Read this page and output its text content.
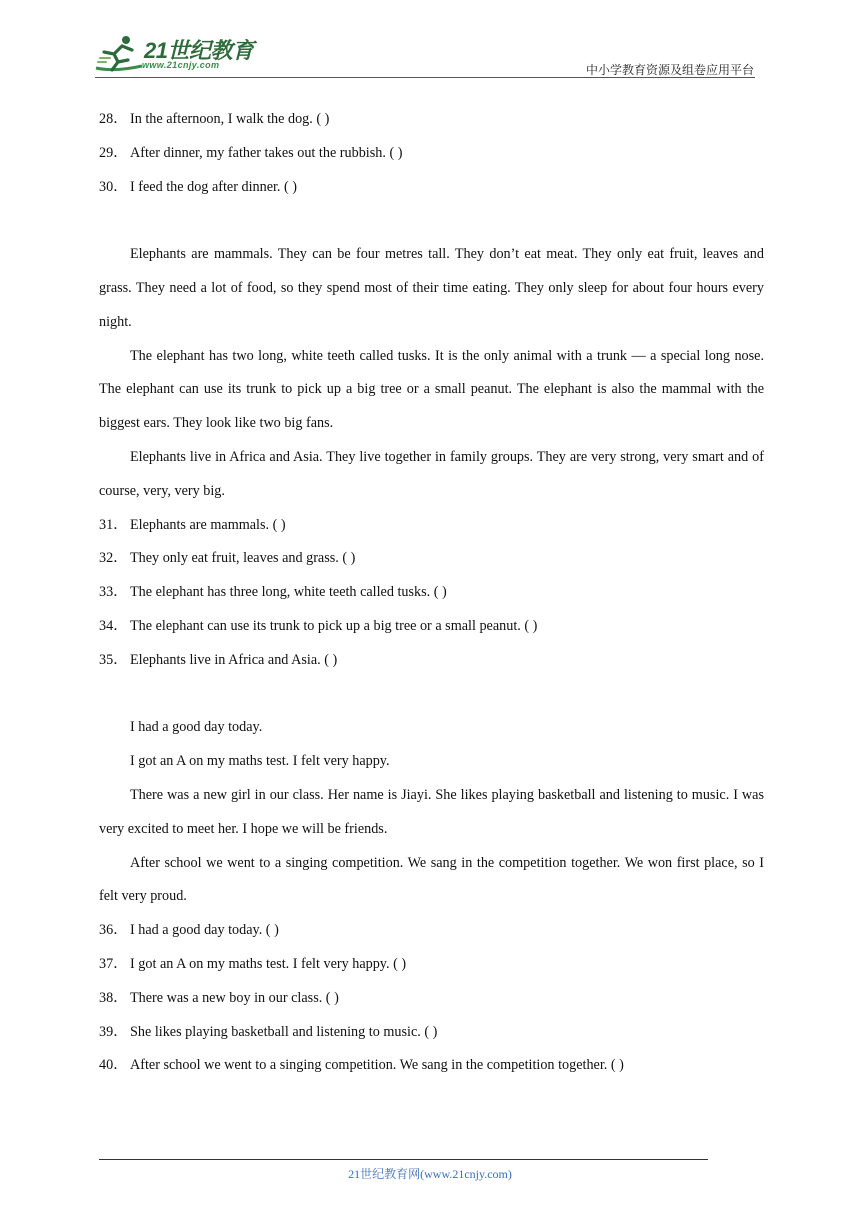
21世纪教育
www.21cnjy.com	中小学教育资源及组卷应用平台
28． In the afternoon, I walk the dog. ( )
29． After dinner, my father takes out the rubbish. ( )
30． I feed the dog after dinner. ( )

Elephants are mammals. They can be four metres tall. They don’t eat meat. They only eat fruit, leaves and grass. They need a lot of food, so they spend most of their time eating. They only sleep for about four hours every night.

The elephant has two long, white teeth called tusks. It is the only animal with a trunk — a special long nose. The elephant can use its trunk to pick up a big tree or a small peanut. The elephant is also the mammal with the biggest ears. They look like two big fans.

Elephants live in Africa and Asia. They live together in family groups. They are very strong, very smart and of course, very, very big.

31． Elephants are mammals. ( )
32． They only eat fruit, leaves and grass. ( )
33． The elephant has three long, white teeth called tusks. ( )
34． The elephant can use its trunk to pick up a big tree or a small peanut. ( )
35． Elephants live in Africa and Asia. ( )

I had a good day today.

I got an A on my maths test. I felt very happy.

There was a new girl in our class. Her name is Jiayi. She likes playing basketball and listening to music. I was very excited to meet her. I hope we will be friends.

After school we went to a singing competition. We sang in the competition together. We won first place, so I felt very proud.

36． I had a good day today. ( )
37． I got an A on my maths test. I felt very happy. ( )
38． There was a new boy in our class. ( )
39． She likes playing basketball and listening to music. ( )
40． After school we went to a singing competition. We sang in the competition together. ( )
21世纪教育网(www.21cnjy.com)
